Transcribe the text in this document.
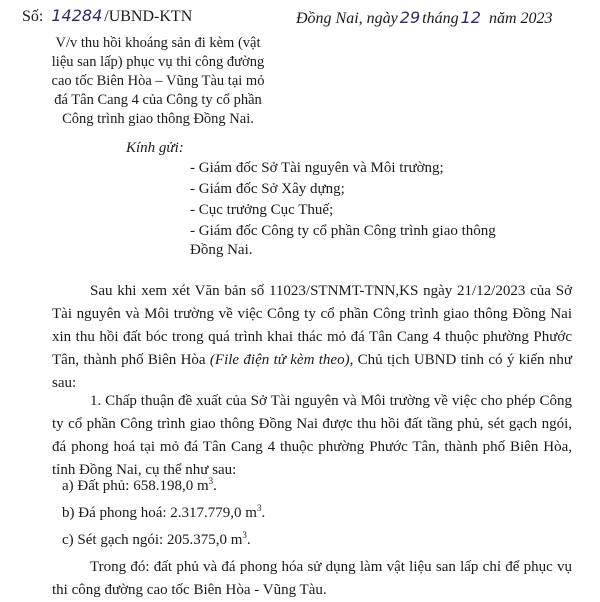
Số: 14284 /UBND-KTN	Đồng Nai, ngày 29 tháng 12 năm 2023
V/v thu hồi khoáng sản đi kèm (vật
liệu san lấp) phục vụ thi công đường
cao tốc Biên Hòa – Vũng Tàu tại mỏ
đá Tân Cang 4 của Công ty cổ phần
Công trình giao thông Đồng Nai.
Kính gửi:
- Giám đốc Sở Tài nguyên và Môi trường;
- Giám đốc Sở Xây dựng;
- Cục trưởng Cục Thuế;
- Giám đốc Công ty cổ phần Công trình giao thông
Đồng Nai.
Sau khi xem xét Văn bản số 11023/STNMT-TNN,KS ngày 21/12/2023 của Sở Tài nguyên và Môi trường về việc Công ty cổ phần Công trình giao thông Đồng Nai xin thu hồi đất bóc trong quá trình khai thác mỏ đá Tân Cang 4 thuộc phường Phước Tân, thành phố Biên Hòa (File điện tử kèm theo), Chủ tịch UBND tỉnh có ý kiến như sau:
1. Chấp thuận đề xuất của Sở Tài nguyên và Môi trường về việc cho phép Công ty cổ phần Công trình giao thông Đồng Nai được thu hồi đất tầng phủ, sét gạch ngói, đá phong hoá tại mỏ đá Tân Cang 4 thuộc phường Phước Tân, thành phố Biên Hòa, tỉnh Đồng Nai, cụ thể như sau:
a) Đất phủ: 658.198,0 $m^3$.
b) Đá phong hoá: 2.317.779,0 $m^3$.
c) Sét gạch ngói: 205.375,0 $m^3$.
Trong đó: đất phủ và đá phong hóa sử dụng làm vật liệu san lấp chỉ để phục vụ thi công đường cao tốc Biên Hòa - Vũng Tàu.
